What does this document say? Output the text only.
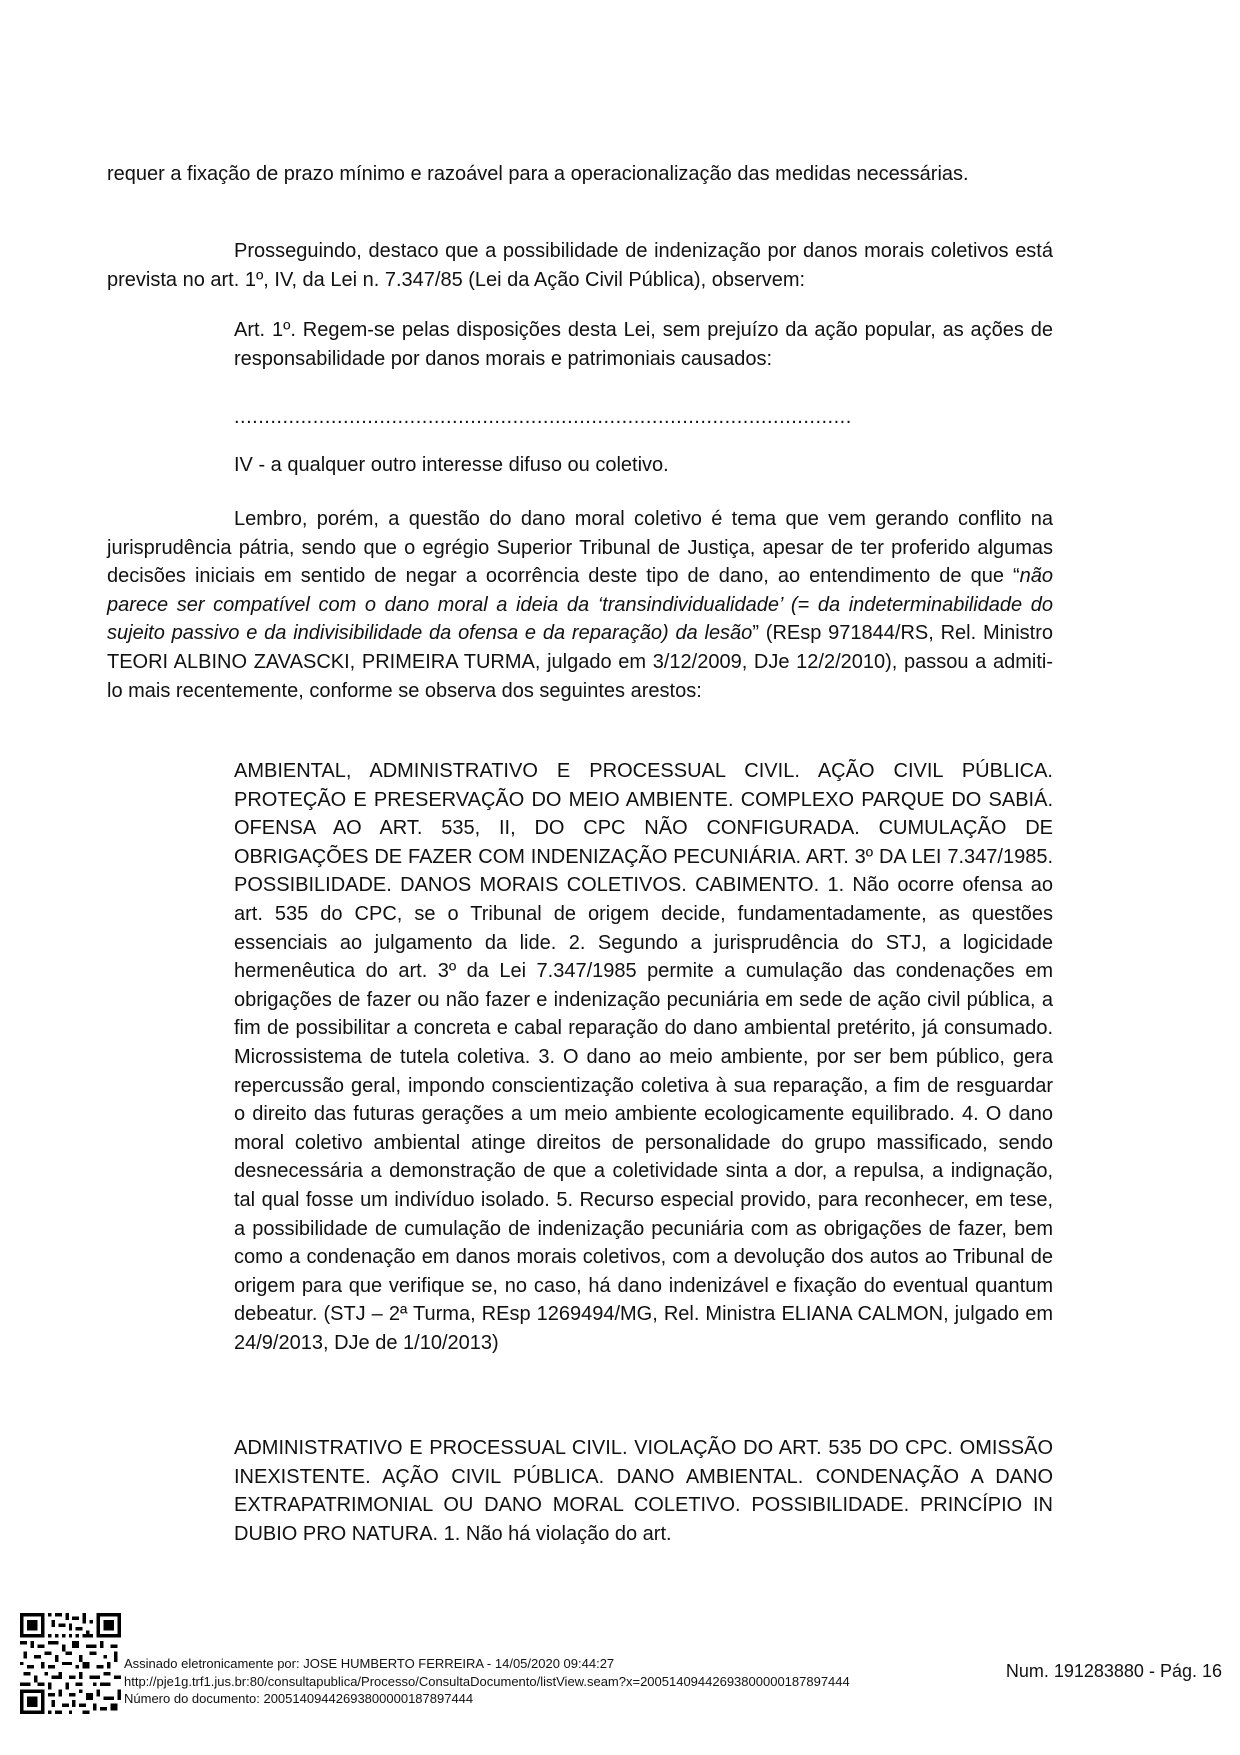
requer a fixação de prazo mínimo e razoável para a operacionalização das medidas necessárias.

Prosseguindo, destaco que a possibilidade de indenização por danos morais coletivos está prevista no art. 1º, IV, da Lei n. 7.347/85 (Lei da Ação Civil Pública), observem:

Art. 1º. Regem-se pelas disposições desta Lei, sem prejuízo da ação popular, as ações de responsabilidade por danos morais e patrimoniais causados:

......................................................................................................

IV - a qualquer outro interesse difuso ou coletivo.

Lembro, porém, a questão do dano moral coletivo é tema que vem gerando conflito na jurisprudência pátria, sendo que o egrégio Superior Tribunal de Justiça, apesar de ter proferido algumas decisões iniciais em sentido de negar a ocorrência deste tipo de dano, ao entendimento de que “não parece ser compatível com o dano moral a ideia da ‘transindividualidade’ (= da indeterminabilidade do sujeito passivo e da indivisibilidade da ofensa e da reparação) da lesão” (REsp 971844/RS, Rel. Ministro TEORI ALBINO ZAVASCKI, PRIMEIRA TURMA, julgado em 3/12/2009, DJe 12/2/2010), passou a admiti-lo mais recentemente, conforme se observa dos seguintes arestos:

AMBIENTAL, ADMINISTRATIVO E PROCESSUAL CIVIL. AÇÃO CIVIL PÚBLICA. PROTEÇÃO E PRESERVAÇÃO DO MEIO AMBIENTE. COMPLEXO PARQUE DO SABIÁ. OFENSA AO ART. 535, II, DO CPC NÃO CONFIGURADA. CUMULAÇÃO DE OBRIGAÇÕES DE FAZER COM INDENIZAÇÃO PECUNIÁRIA. ART. 3º DA LEI 7.347/1985. POSSIBILIDADE. DANOS MORAIS COLETIVOS. CABIMENTO. 1. Não ocorre ofensa ao art. 535 do CPC, se o Tribunal de origem decide, fundamentadamente, as questões essenciais ao julgamento da lide. 2. Segundo a jurisprudência do STJ, a logicidade hermenêutica do art. 3º da Lei 7.347/1985 permite a cumulação das condenações em obrigações de fazer ou não fazer e indenização pecuniária em sede de ação civil pública, a fim de possibilitar a concreta e cabal reparação do dano ambiental pretérito, já consumado. Microssistema de tutela coletiva. 3. O dano ao meio ambiente, por ser bem público, gera repercussão geral, impondo conscientização coletiva à sua reparação, a fim de resguardar o direito das futuras gerações a um meio ambiente ecologicamente equilibrado. 4. O dano moral coletivo ambiental atinge direitos de personalidade do grupo massificado, sendo desnecessária a demonstração de que a coletividade sinta a dor, a repulsa, a indignação, tal qual fosse um indivíduo isolado. 5. Recurso especial provido, para reconhecer, em tese, a possibilidade de cumulação de indenização pecuniária com as obrigações de fazer, bem como a condenação em danos morais coletivos, com a devolução dos autos ao Tribunal de origem para que verifique se, no caso, há dano indenizável e fixação do eventual quantum debeatur. (STJ – 2ª Turma, REsp 1269494/MG, Rel. Ministra ELIANA CALMON, julgado em 24/9/2013, DJe de 1/10/2013)

ADMINISTRATIVO E PROCESSUAL CIVIL. VIOLAÇÃO DO ART. 535 DO CPC. OMISSÃO INEXISTENTE. AÇÃO CIVIL PÚBLICA. DANO AMBIENTAL. CONDENAÇÃO A DANO EXTRAPATRIMONIAL OU DANO MORAL COLETIVO. POSSIBILIDADE. PRINCÍPIO IN DUBIO PRO NATURA. 1. Não há violação do art.

Assinado eletronicamente por: JOSE HUMBERTO FERREIRA - 14/05/2020 09:44:27
http://pje1g.trf1.jus.br:80/consultapublica/Processo/ConsultaDocumento/listView.seam?x=20051409442693800000187897444
Número do documento: 20051409442693800000187897444
Num. 191283880 - Pág. 16
